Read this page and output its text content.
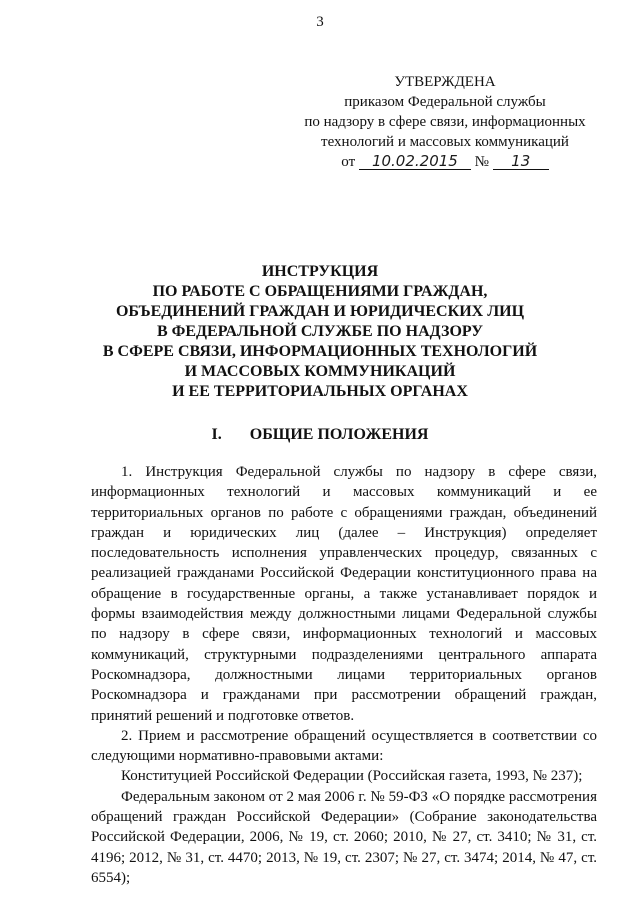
3
УТВЕРЖДЕНА
приказом Федеральной службы
по надзору в сфере связи, информационных
технологий и массовых коммуникаций
от 10.02.2015 № 13
ИНСТРУКЦИЯ
ПО РАБОТЕ С ОБРАЩЕНИЯМИ ГРАЖДАН,
ОБЪЕДИНЕНИЙ ГРАЖДАН И ЮРИДИЧЕСКИХ ЛИЦ
В ФЕДЕРАЛЬНОЙ СЛУЖБЕ ПО НАДЗОРУ
В СФЕРЕ СВЯЗИ, ИНФОРМАЦИОННЫХ ТЕХНОЛОГИЙ
И МАССОВЫХ КОММУНИКАЦИЙ
И ЕЕ ТЕРРИТОРИАЛЬНЫХ ОРГАНАХ
I. ОБЩИЕ ПОЛОЖЕНИЯ

1. Инструкция Федеральной службы по надзору в сфере связи, информационных технологий и массовых коммуникаций и ее территориальных органов по работе с обращениями граждан, объединений граждан и юридических лиц (далее – Инструкция) определяет последовательность исполнения управленческих процедур, связанных с реализацией гражданами Российской Федерации конституционного права на обращение в государственные органы, а также устанавливает порядок и формы взаимодействия между должностными лицами Федеральной службы по надзору в сфере связи, информационных технологий и массовых коммуникаций, структурными подразделениями центрального аппарата Роскомнадзора, должностными лицами территориальных органов Роскомнадзора и гражданами при рассмотрении обращений граждан, принятий решений и подготовке ответов.

2. Прием и рассмотрение обращений осуществляется в соответствии со следующими нормативно-правовыми актами:

Конституцией Российской Федерации (Российская газета, 1993, № 237);

Федеральным законом от 2 мая 2006 г. № 59-ФЗ «О порядке рассмотрения обращений граждан Российской Федерации» (Собрание законодательства Российской Федерации, 2006, № 19, ст. 2060; 2010, № 27, ст. 3410; № 31, ст. 4196; 2012, № 31, ст. 4470; 2013, № 19, ст. 2307; № 27, ст. 3474; 2014, № 47, ст. 6554);
